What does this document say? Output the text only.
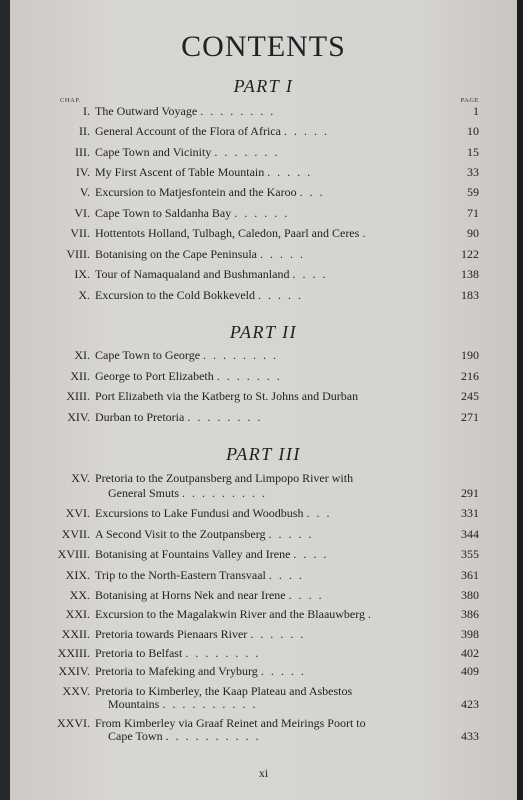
CONTENTS
PART I
CHAP.	PAGE
I. The Outward Voyage . . . . . . . .	1
II. General Account of the Flora of Africa . . . . .	10
III. Cape Town and Vicinity . . . . . . .	15
IV. My First Ascent of Table Mountain . . . . .	33
V. Excursion to Matjesfontein and the Karoo . . .	59
VI. Cape Town to Saldanha Bay . . . . . .	71
VII. Hottentots Holland, Tulbagh, Caledon, Paarl and Ceres .	90
VIII. Botanising on the Cape Peninsula . . . . .	122
IX. Tour of Namaqualand and Bushmanland . . . .	138
X. Excursion to the Cold Bokkeveld . . . . .	183
PART II
XI. Cape Town to George . . . . . . . .	190
XII. George to Port Elizabeth . . . . . . .	216
XIII. Port Elizabeth via the Katberg to St. Johns and Durban	245
XIV. Durban to Pretoria . . . . . . . .	271
PART III
XV. Pretoria to the Zoutpansberg and Limpopo River with
General Smuts . . . . . . . . .	291
XVI. Excursions to Lake Fundusi and Woodbush . . .	331
XVII. A Second Visit to the Zoutpansberg . . . . .	344
XVIII. Botanising at Fountains Valley and Irene . . . .	355
XIX. Trip to the North-Eastern Transvaal . . . .	361
XX. Botanising at Horns Nek and near Irene . . . .	380
XXI. Excursion to the Magalakwin River and the Blaauwberg .	386
XXII. Pretoria towards Pienaars River . . . . . .	398
XXIII. Pretoria to Belfast . . . . . . . .	402
XXIV. Pretoria to Mafeking and Vryburg . . . . .	409
XXV. Pretoria to Kimberley, the Kaap Plateau and Asbestos
Mountains . . . . . . . . . .	423
XXVI. From Kimberley via Graaf Reinet and Meirings Poort to
Cape Town . . . . . . . . . .	433
xi
